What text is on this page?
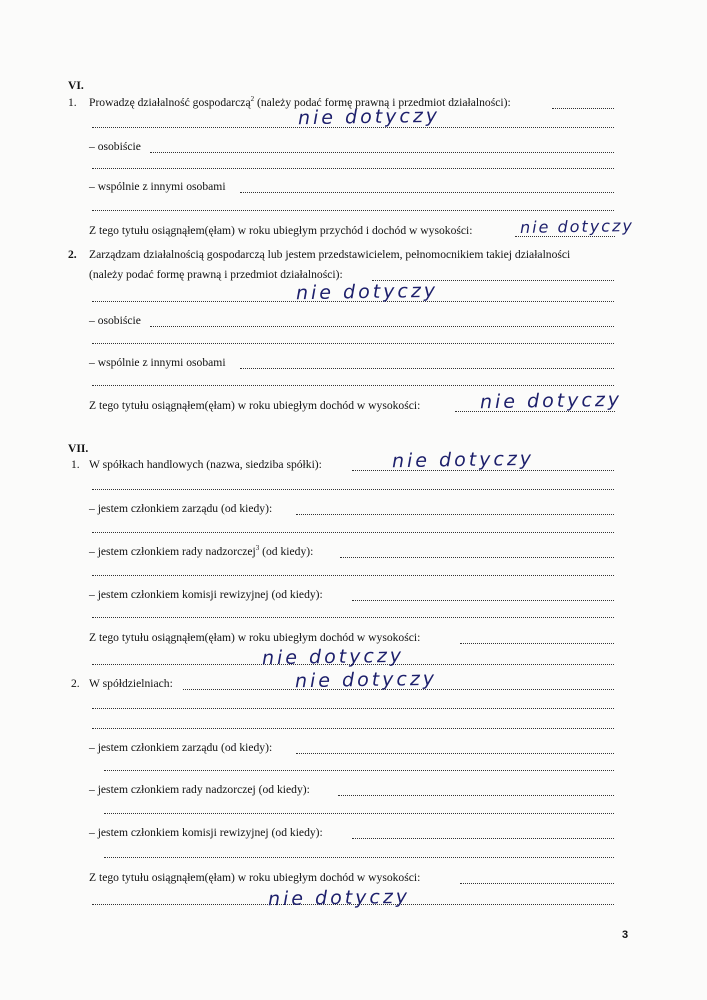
VI.
1. Prowadzę działalność gospodarczą$^2$ (należy podać formę prawną i przedmiot działalności):
nie dotyczy
– osobiście
– wspólnie z innymi osobami
Z tego tytułu osiągnąłem(ęłam) w roku ubiegłym przychód i dochód w wysokości:	nie dotyczy
2. Zarządzam działalnością gospodarczą lub jestem przedstawicielem, pełnomocnikiem takiej działalności
(należy podać formę prawną i przedmiot działalności):
nie dotyczy
– osobiście
– wspólnie z innymi osobami
Z tego tytułu osiągnąłem(ęłam) w roku ubiegłym dochód w wysokości:	nie dotyczy
VII.
1. W spółkach handlowych (nazwa, siedziba spółki):	nie dotyczy
– jestem członkiem zarządu (od kiedy):
– jestem członkiem rady nadzorczej$^3$ (od kiedy):
– jestem członkiem komisji rewizyjnej (od kiedy):
Z tego tytułu osiągnąłem(ęłam) w roku ubiegłym dochód w wysokości:
nie dotyczy
2. W spółdzielniach:	nie dotyczy
– jestem członkiem zarządu (od kiedy):
– jestem członkiem rady nadzorczej (od kiedy):
– jestem członkiem komisji rewizyjnej (od kiedy):
Z tego tytułu osiągnąłem(ęłam) w roku ubiegłym dochód w wysokości:
nie dotyczy
3
